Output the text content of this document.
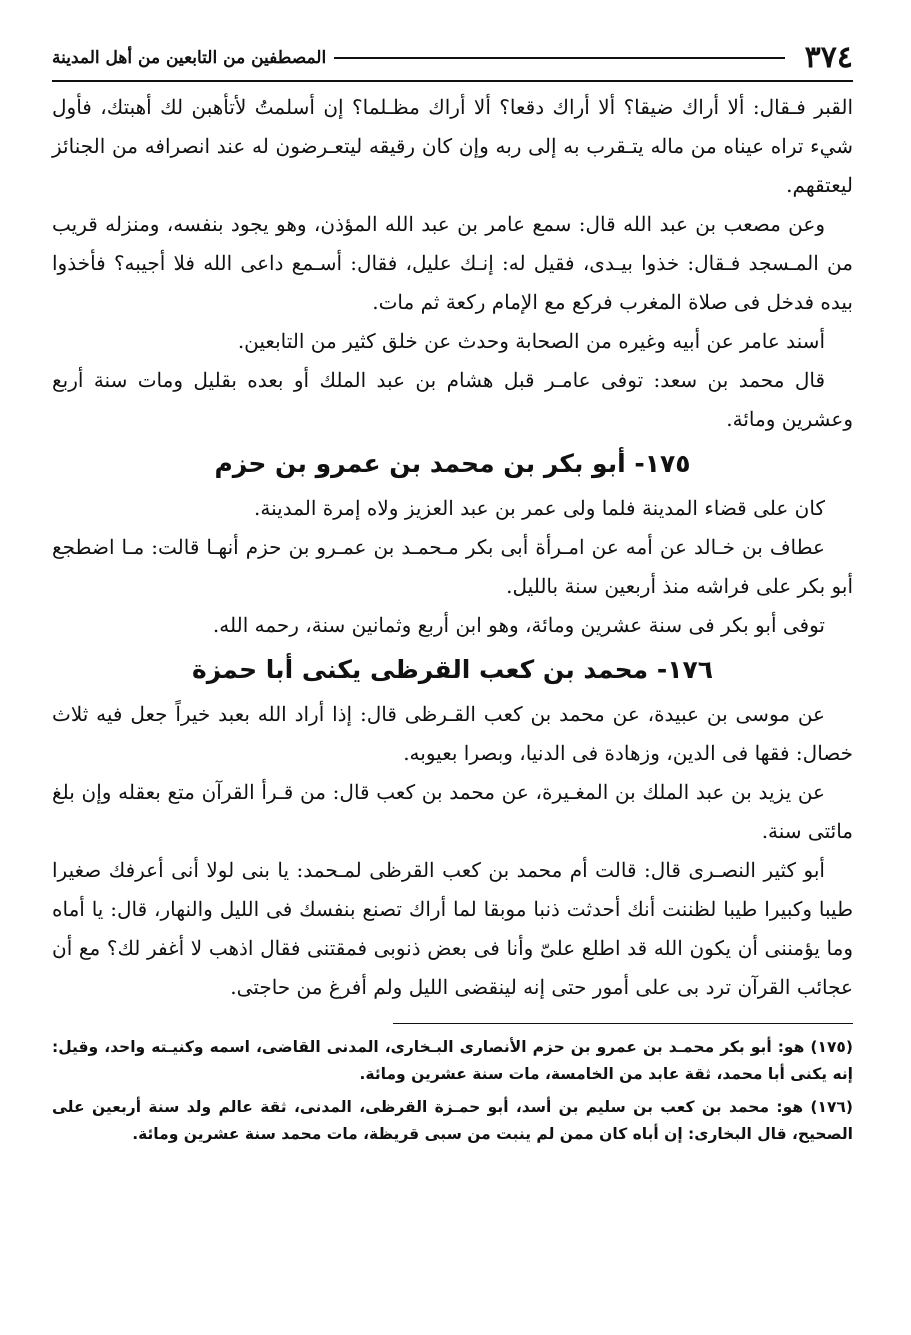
٣٧٤
المصطفين من التابعين من أهل المدينة

القبر فـقال: ألا أراك ضيقا؟ ألا أراك دقعا؟ ألا أراك مظـلما؟ إن أسلمتُ لأتأهبن لك أهبتك، فأول شيء تراه عيناه من ماله يتـقرب به إلى ربه وإن كان رقيقه ليتعـرضون له عند انصرافه من الجنائز ليعتقهم.

وعن مصعب بن عبد الله قال: سمع عامر بن عبد الله المؤذن، وهو يجود بنفسه، ومنزله قريب من المـسجد فـقال: خذوا بيـدى، فقيل له: إنـك عليل، فقال: أسـمع داعى الله فلا أجيبه؟ فأخذوا بيده فدخل فى صلاة المغرب فركع مع الإمام ركعة ثم مات.

أسند عامر عن أبيه وغيره من الصحابة وحدث عن خلق كثير من التابعين.

قال محمد بن سعد: توفى عامـر قبل هشام بن عبد الملك أو بعده بقليل ومات سنة أربع وعشرين ومائة.

١٧٥- أبو بكر بن محمد بن عمرو بن حزم

كان على قضاء المدينة فلما ولى عمر بن عبد العزيز ولاه إمرة المدينة.

عطاف بن خـالد عن أمه عن امـرأة أبى بكر مـحمـد بن عمـرو بن حزم أنهـا قالت: مـا اضطجع أبو بكر على فراشه منذ أربعين سنة بالليل.

توفى أبو بكر فى سنة عشرين ومائة، وهو ابن أربع وثمانين سنة، رحمه الله.

١٧٦- محمد بن كعب القرظى يكنى أبا حمزة

عن موسى بن عبيدة، عن محمد بن كعب القـرظى قال: إذا أراد الله بعبد خيراً جعل فيه ثلاث خصال: فقها فى الدين، وزهادة فى الدنيا، وبصرا بعيوبه.

عن يزيد بن عبد الملك بن المغـيرة، عن محمد بن كعب قال: من قـرأ القرآن متع بعقله وإن بلغ مائتى سنة.

أبو كثير النصـرى قال: قالت أم محمد بن كعب القرظى لمـحمد: يا بنى لولا أنى أعرفك صغيرا طيبا وكبيرا طيبا لظننت أنك أحدثت ذنبا موبقا لما أراك تصنع بنفسك فى الليل والنهار، قال: يا أماه وما يؤمننى أن يكون الله قد اطلع علىّ وأنا فى بعض ذنوبى فمقتنى فقال اذهب لا أغفر لك؟ مع أن عجائب القرآن ترد بى على أمور حتى إنه لينقضى الليل ولم أفرغ من حاجتى.

(١٧٥) هو: أبو بكر محمـد بن عمرو بن حزم الأنصارى البـخارى، المدنى القاضى، اسمه وكنيـته واحد، وقيل: إنه يكنى أبا محمد، ثقة عابد من الخامسة، مات سنة عشرين ومائة.

(١٧٦) هو: محمد بن كعب بن سليم بن أسد، أبو حمـزة القرظى، المدنى، ثقة عالم ولد سنة أربعين على الصحيح، قال البخارى: إن أباه كان ممن لم ينبت من سبى قريظة، مات محمد سنة عشرين ومائة.
